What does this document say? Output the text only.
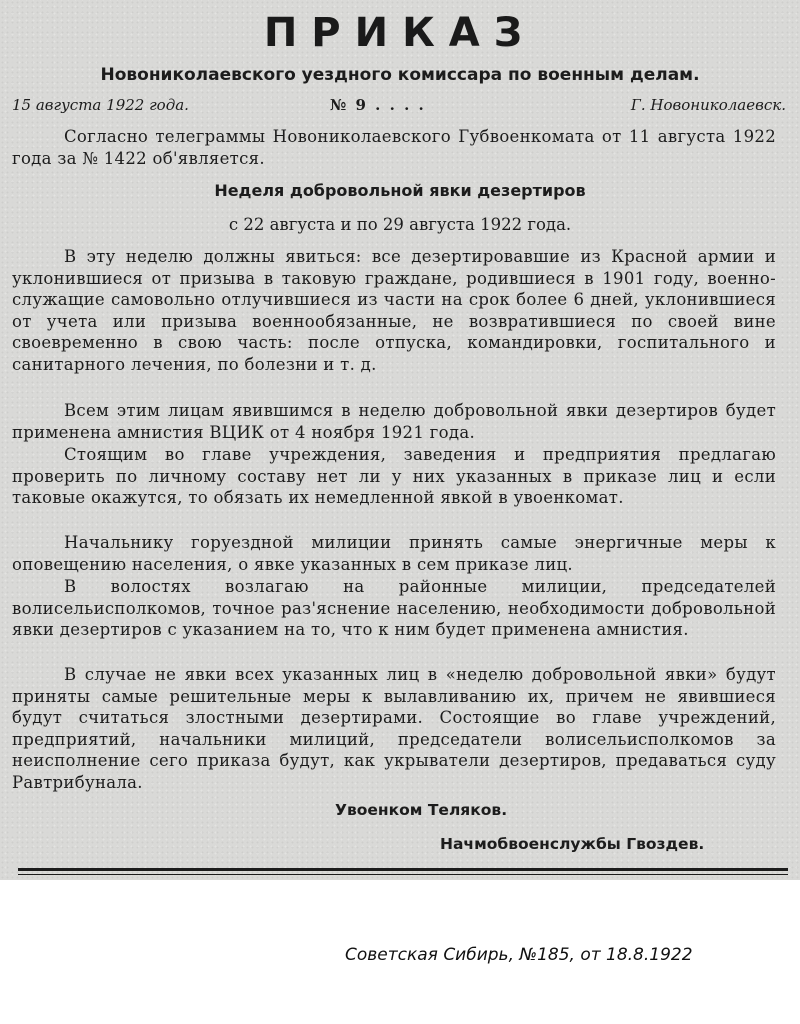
ПРИКАЗ
Новониколаевского уездного комиссара по военным делам.
15 августа 1922 года.	№ 9 . . . .	Г. Новониколаевск.
Согласно телеграммы Новониколаевского Губвоенкомата от 11 августа 1922 года за № 1422 об'является.
Неделя добровольной явки дезертиров
с 22 августа и по 29 августа 1922 года.
В эту неделю должны явиться: все дезертировавшие из Красной армии и уклонившиеся от призыва в таковую граждане, родившиеся в 1901 году, военно-служащие самовольно отлучившиеся из части на срок более 6 дней, уклонившиеся от учета или призыва военнообязанные, не возвратившиеся по своей вине своевременно в свою часть: после отпуска, командировки, госпитального и санитарного лечения, по болезни и т. д.
Всем этим лицам явившимся в неделю добровольной явки дезертиров будет применена амнистия ВЦИК от 4 ноября 1921 года.
Стоящим во главе учреждения, заведения и предприятия предлагаю проверить по личному составу нет ли у них указанных в приказе лиц и если таковые окажутся, то обязать их немедленной явкой в увоенкомат.
Начальнику горуездной милиции принять самые энергичные меры к оповещению населения, о явке указанных в сем приказе лиц.
В волостях возлагаю на районные милиции, председателей волисельисполкомов, точное раз'яснение населению, необходимости добровольной явки дезертиров с указанием на то, что к ним будет применена амнистия.
В случае не явки всех указанных лиц в «неделю добровольной явки» будут приняты самые решительные меры к вылавливанию их, причем не явившиеся будут считаться злостными дезертирами. Состоящие во главе учреждений, предприятий, начальники милиций, председатели волисельисполкомов за неисполнение сего приказа будут, как укрыватели дезертиров, предаваться суду Равтрибунала.
Увоенком Теляков.
Начмобвоенслужбы Гвоздев.
Советская Сибирь, №185, от 18.8.1922
